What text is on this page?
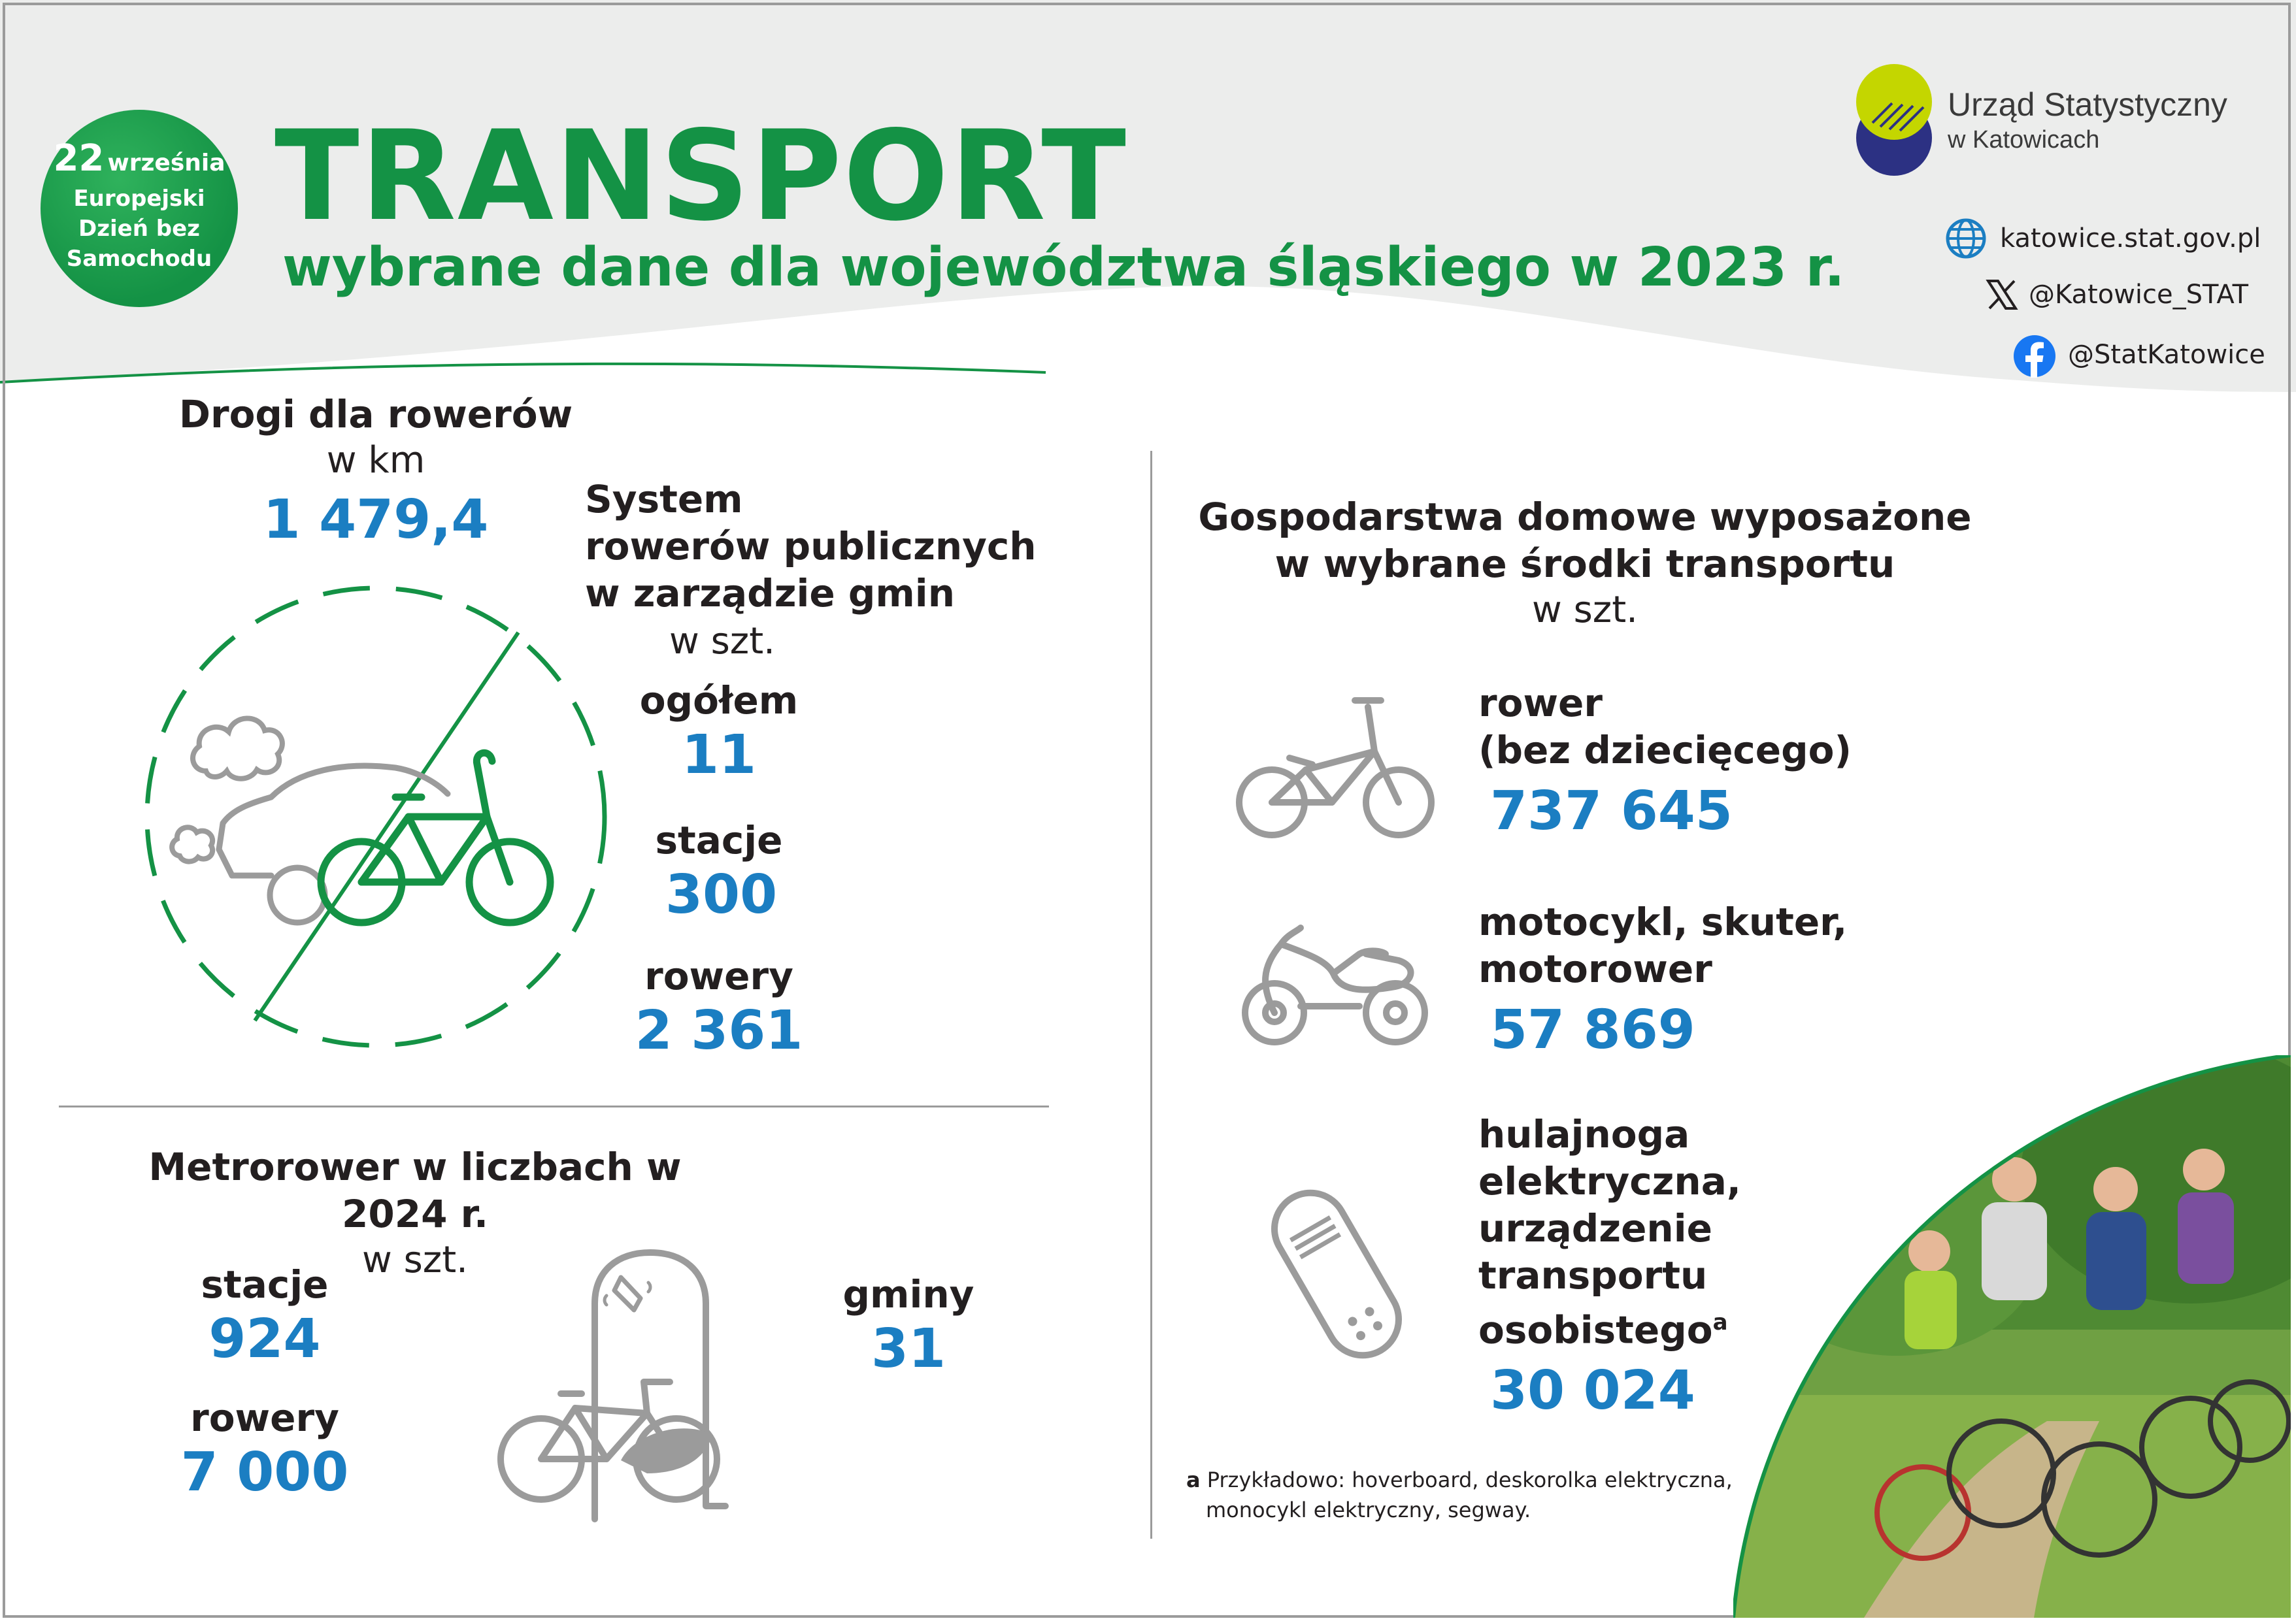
22 września
Europejski
Dzień bez
Samochodu
TRANSPORT
wybrane dane dla województwa śląskiego w 2023 r.
Urząd Statystyczny
w Katowicach
katowice.stat.gov.pl
@Katowice_STAT
@StatKatowice
Drogi dla rowerów
w km
1 479,4	System
rowerów publicznych
w zarządzie gmin
w szt.
ogółem
11
stacje
300
rowery
2 361
Metrorower w liczbach w 2024 r.
w szt.
stacje
924
rowery
7 000
gminy
31
Gospodarstwa domowe wyposażone
w wybrane środki transportu
w szt.
rower
(bez dziecięcego)
737 645
motocykl, skuter,
motorower
57 869
hulajnoga
elektryczna,
urządzenie
transportu
osobistego$^a$
30 024
a Przykładowo: hoverboard, deskorolka elektryczna,
monocykl elektryczny, segway.
